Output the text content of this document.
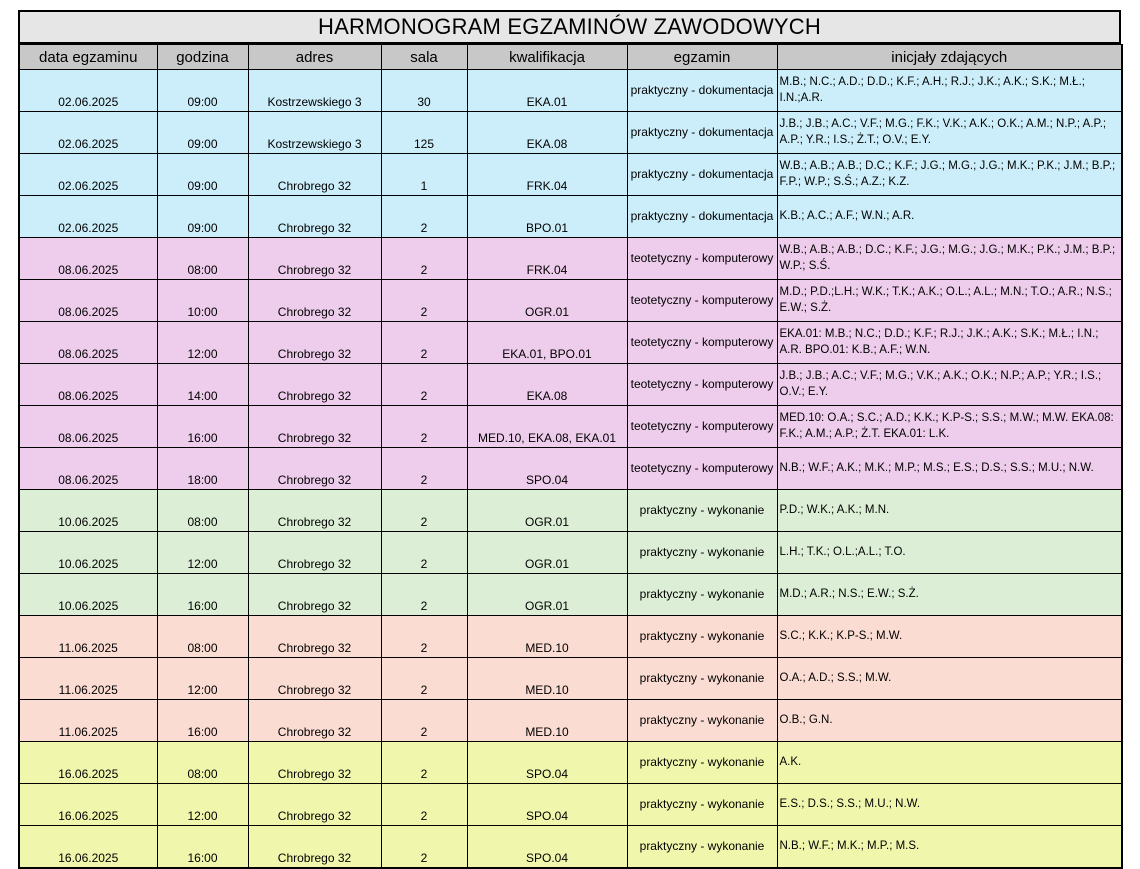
HARMONOGRAM EGZAMINÓW ZAWODOWYCH
data egzaminu	godzina	adres	sala	kwalifikacja	egzamin	inicjały zdających
02.06.2025	09:00	Kostrzewskiego 3	30	EKA.01	praktyczny - dokumentacja	M.B.; N.C.; A.D.; D.D.; K.F.; A.H.; R.J.; J.K.; A.K.; S.K.; M.Ł.; I.N.;A.R.
02.06.2025	09:00	Kostrzewskiego 3	125	EKA.08	praktyczny - dokumentacja	J.B.; J.B.; A.C.; V.F.; M.G.; F.K.; V.K.; A.K.; O.K.; A.M.; N.P.; A.P.; A.P.; Y.R.; I.S.; Ż.T.; O.V.; E.Y.
02.06.2025	09:00	Chrobrego 32	1	FRK.04	praktyczny - dokumentacja	W.B.; A.B.; A.B.; D.C.; K.F.; J.G.; M.G.; J.G.; M.K.; P.K.; J.M.; B.P.; F.P.; W.P.; S.Ś.; A.Z.; K.Z.
02.06.2025	09:00	Chrobrego 32	2	BPO.01	praktyczny - dokumentacja	K.B.; A.C.; A.F.; W.N.; A.R.
08.06.2025	08:00	Chrobrego 32	2	FRK.04	teotetyczny - komputerowy	W.B.; A.B.; A.B.; D.C.; K.F.; J.G.; M.G.; J.G.; M.K.; P.K.; J.M.; B.P.; W.P.; S.Ś.
08.06.2025	10:00	Chrobrego 32	2	OGR.01	teotetyczny - komputerowy	M.D.; P.D.;L.H.; W.K.; T.K.; A.K.; O.L.; A.L.; M.N.; T.O.; A.R.; N.S.; E.W.; S.Ż.
08.06.2025	12:00	Chrobrego 32	2	EKA.01, BPO.01	teotetyczny - komputerowy	EKA.01: M.B.; N.C.; D.D.; K.F.; R.J.; J.K.; A.K.; S.K.; M.Ł.; I.N.; A.R. BPO.01: K.B.; A.F.; W.N.
08.06.2025	14:00	Chrobrego 32	2	EKA.08	teotetyczny - komputerowy	J.B.; J.B.; A.C.; V.F.; M.G.; V.K.; A.K.; O.K.; N.P.; A.P.; Y.R.; I.S.; O.V.; E.Y.
08.06.2025	16:00	Chrobrego 32	2	MED.10, EKA.08, EKA.01	teotetyczny - komputerowy	MED.10: O.A.; S.C.; A.D.; K.K.; K.P-S.; S.S.; M.W.; M.W. EKA.08: F.K.; A.M.; A.P.; Ż.T. EKA.01: L.K.
08.06.2025	18:00	Chrobrego 32	2	SPO.04	teotetyczny - komputerowy	N.B.; W.F.; A.K.; M.K.; M.P.; M.S.; E.S.; D.S.; S.S.; M.U.; N.W.
10.06.2025	08:00	Chrobrego 32	2	OGR.01	praktyczny - wykonanie	P.D.; W.K.; A.K.; M.N.
10.06.2025	12:00	Chrobrego 32	2	OGR.01	praktyczny - wykonanie	L.H.; T.K.; O.L.;A.L.; T.O.
10.06.2025	16:00	Chrobrego 32	2	OGR.01	praktyczny - wykonanie	M.D.; A.R.; N.S.; E.W.; S.Ż.
11.06.2025	08:00	Chrobrego 32	2	MED.10	praktyczny - wykonanie	S.C.; K.K.; K.P-S.; M.W.
11.06.2025	12:00	Chrobrego 32	2	MED.10	praktyczny - wykonanie	O.A.; A.D.; S.S.; M.W.
11.06.2025	16:00	Chrobrego 32	2	MED.10	praktyczny - wykonanie	O.B.; G.N.
16.06.2025	08:00	Chrobrego 32	2	SPO.04	praktyczny - wykonanie	A.K.
16.06.2025	12:00	Chrobrego 32	2	SPO.04	praktyczny - wykonanie	E.S.; D.S.; S.S.; M.U.; N.W.
16.06.2025	16:00	Chrobrego 32	2	SPO.04	praktyczny - wykonanie	N.B.; W.F.; M.K.; M.P.; M.S.
